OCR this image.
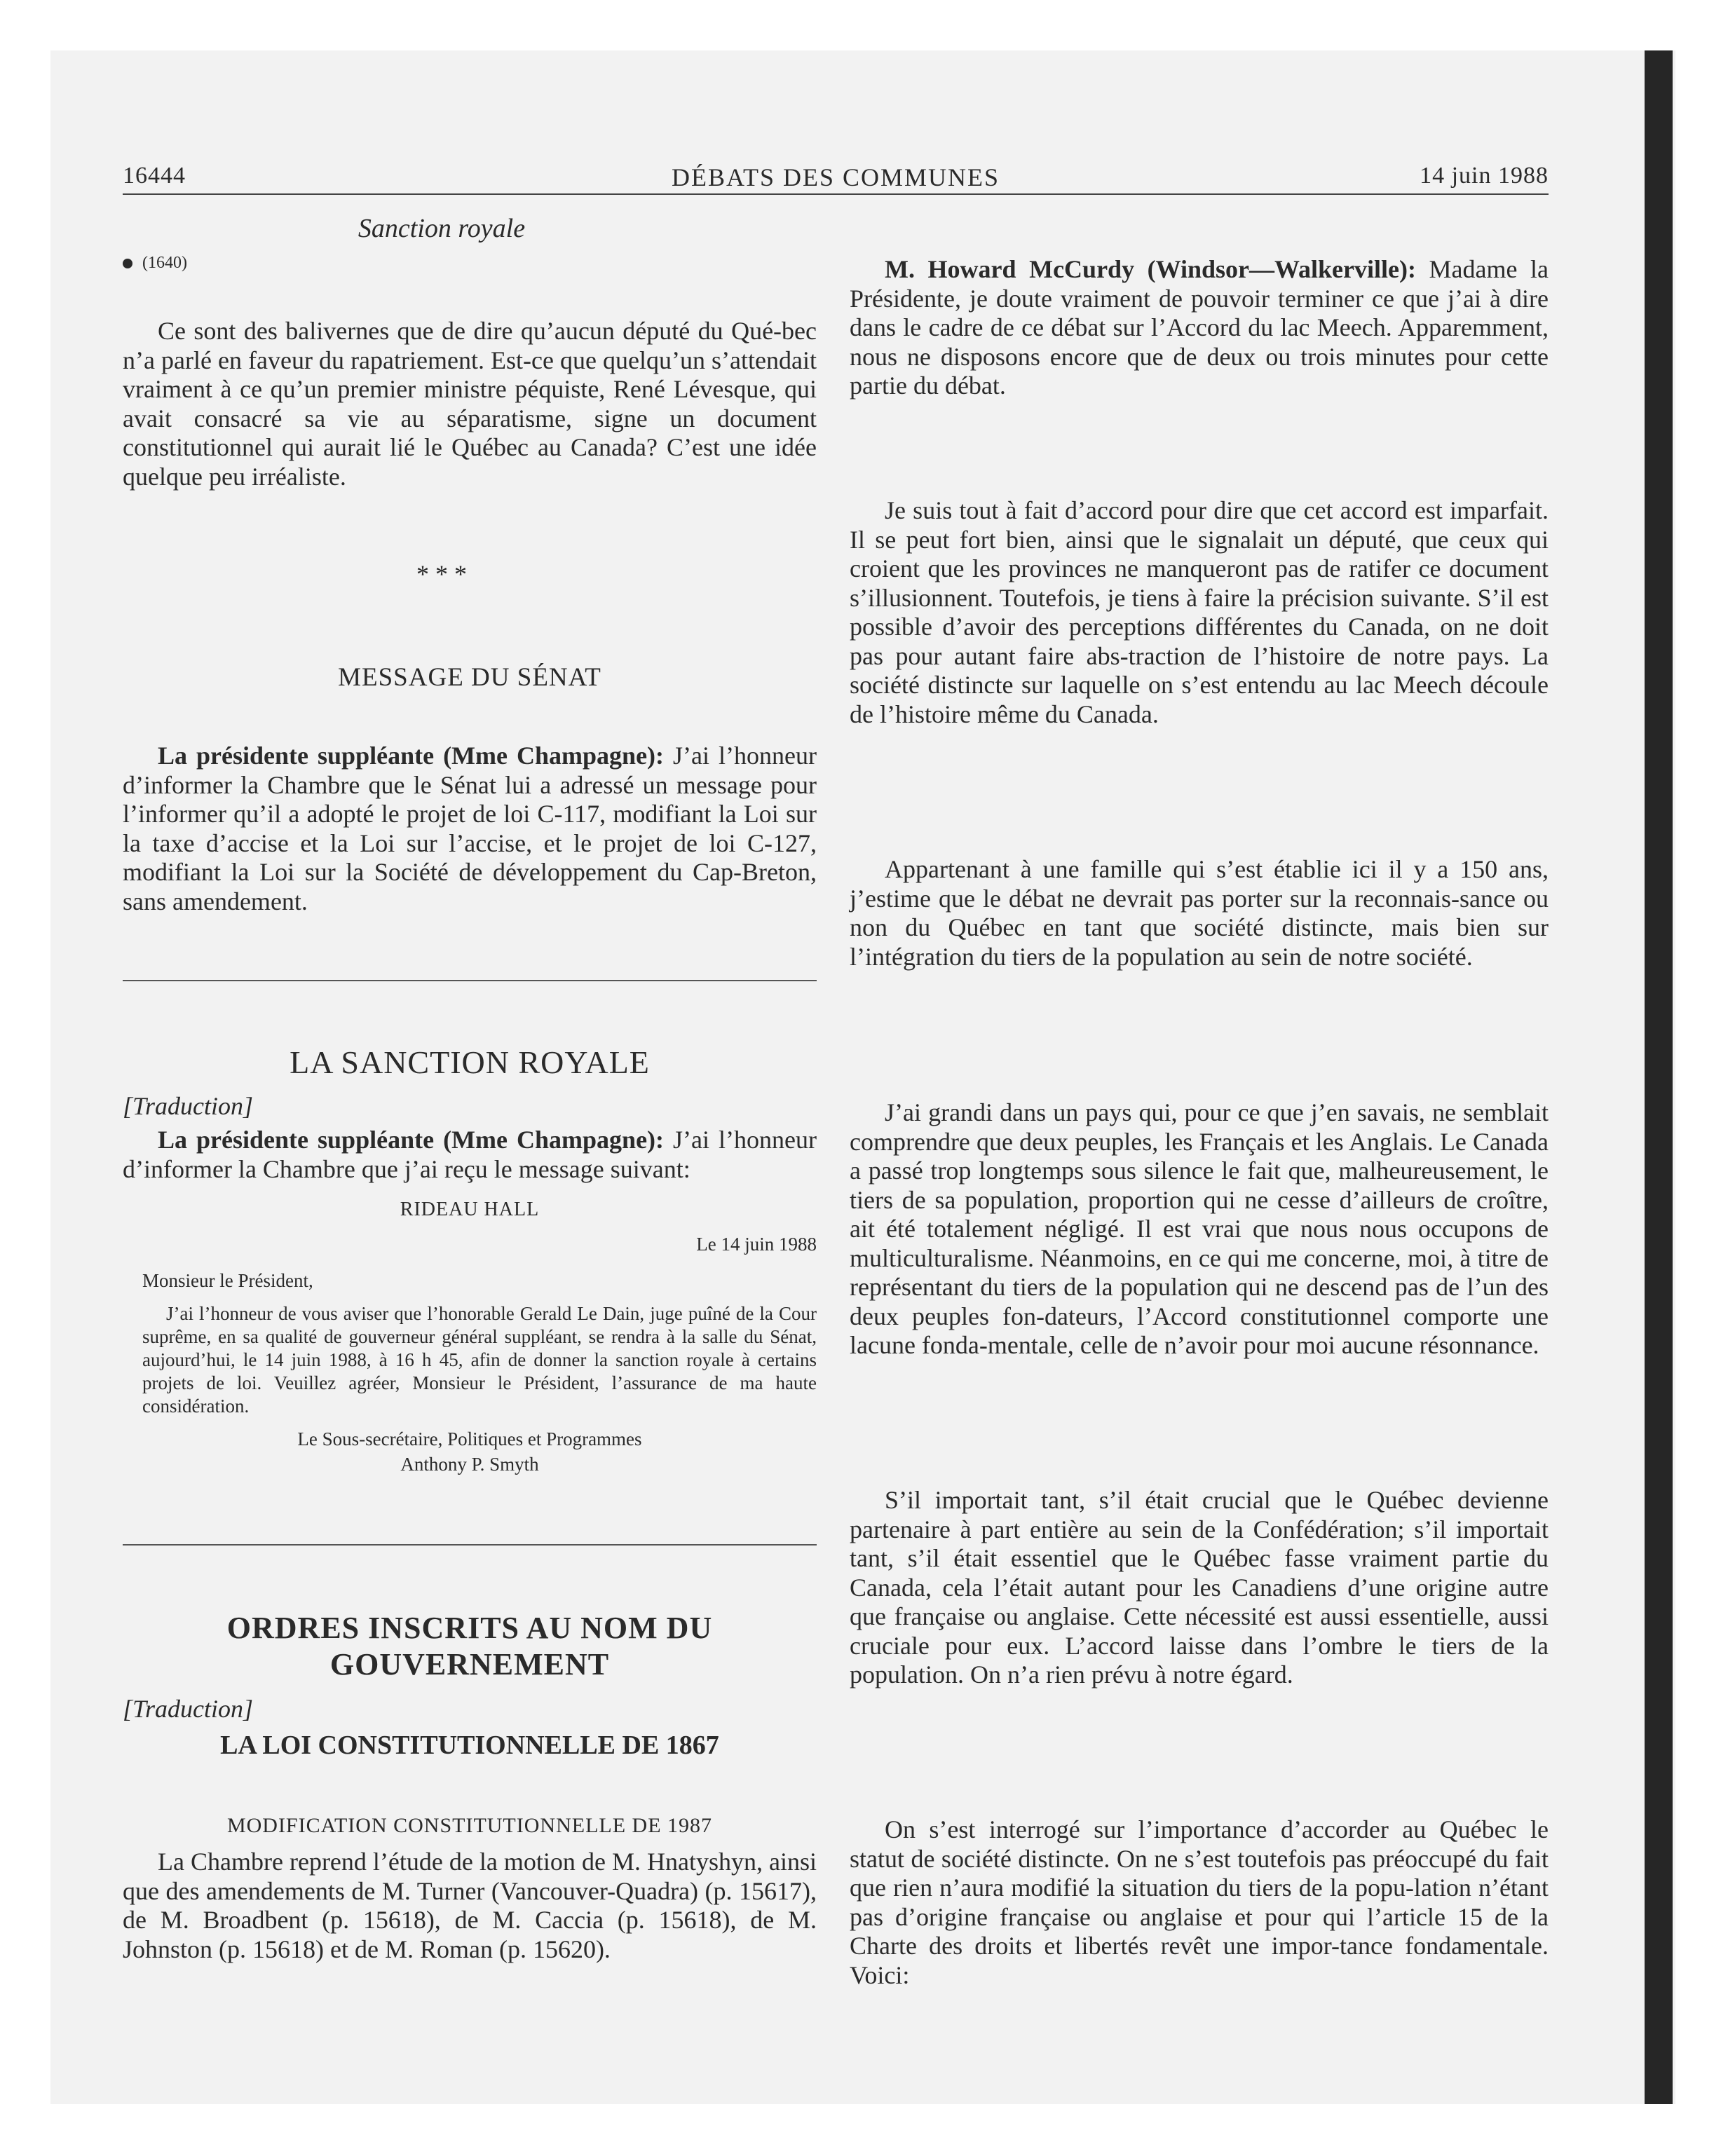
16444	DÉBATS DES COMMUNES	14 juin 1988
Sanction royale
(1640)

Ce sont des balivernes que de dire qu’aucun député du Qué-bec n’a parlé en faveur du rapatriement. Est-ce que quelqu’un s’attendait vraiment à ce qu’un premier ministre péquiste, René Lévesque, qui avait consacré sa vie au séparatisme, signe un document constitutionnel qui aurait lié le Québec au Canada? C’est une idée quelque peu irréaliste.

* * *
MESSAGE DU SÉNAT

La présidente suppléante (Mme Champagne): J’ai l’honneur d’informer la Chambre que le Sénat lui a adressé un message pour l’informer qu’il a adopté le projet de loi C-117, modifiant la Loi sur la taxe d’accise et la Loi sur l’accise, et le projet de loi C-127, modifiant la Loi sur la Société de développement du Cap-Breton, sans amendement.

LA SANCTION ROYALE
[Traduction]

La présidente suppléante (Mme Champagne): J’ai l’honneur d’informer la Chambre que j’ai reçu le message suivant:

RIDEAU HALL
Le 14 juin 1988
Monsieur le Président,

J’ai l’honneur de vous aviser que l’honorable Gerald Le Dain, juge puîné de la Cour suprême, en sa qualité de gouverneur général suppléant, se rendra à la salle du Sénat, aujourd’hui, le 14 juin 1988, à 16 h 45, afin de donner la sanction royale à certains projets de loi. Veuillez agréer, Monsieur le Président, l’assurance de ma haute considération.

Le Sous-secrétaire, Politiques et Programmes
Anthony P. Smyth
ORDRES INSCRITS AU NOM DU GOUVERNEMENT
[Traduction]
LA LOI CONSTITUTIONNELLE DE 1867
MODIFICATION CONSTITUTIONNELLE DE 1987

La Chambre reprend l’étude de la motion de M. Hnatyshyn, ainsi que des amendements de M. Turner (Vancouver-Quadra) (p. 15617), de M. Broadbent (p. 15618), de M. Caccia (p. 15618), de M. Johnston (p. 15618) et de M. Roman (p. 15620).

M. Howard McCurdy (Windsor—Walkerville): Madame la Présidente, je doute vraiment de pouvoir terminer ce que j’ai à dire dans le cadre de ce débat sur l’Accord du lac Meech. Apparemment, nous ne disposons encore que de deux ou trois minutes pour cette partie du débat.

Je suis tout à fait d’accord pour dire que cet accord est imparfait. Il se peut fort bien, ainsi que le signalait un député, que ceux qui croient que les provinces ne manqueront pas de ratifer ce document s’illusionnent. Toutefois, je tiens à faire la précision suivante. S’il est possible d’avoir des perceptions différentes du Canada, on ne doit pas pour autant faire abs-traction de l’histoire de notre pays. La société distincte sur laquelle on s’est entendu au lac Meech découle de l’histoire même du Canada.

Appartenant à une famille qui s’est établie ici il y a 150 ans, j’estime que le débat ne devrait pas porter sur la reconnais-sance ou non du Québec en tant que société distincte, mais bien sur l’intégration du tiers de la population au sein de notre société.

J’ai grandi dans un pays qui, pour ce que j’en savais, ne semblait comprendre que deux peuples, les Français et les Anglais. Le Canada a passé trop longtemps sous silence le fait que, malheureusement, le tiers de sa population, proportion qui ne cesse d’ailleurs de croître, ait été totalement négligé. Il est vrai que nous nous occupons de multiculturalisme. Néanmoins, en ce qui me concerne, moi, à titre de représentant du tiers de la population qui ne descend pas de l’un des deux peuples fon-dateurs, l’Accord constitutionnel comporte une lacune fonda-mentale, celle de n’avoir pour moi aucune résonnance.

S’il importait tant, s’il était crucial que le Québec devienne partenaire à part entière au sein de la Confédération; s’il importait tant, s’il était essentiel que le Québec fasse vraiment partie du Canada, cela l’était autant pour les Canadiens d’une origine autre que française ou anglaise. Cette nécessité est aussi essentielle, aussi cruciale pour eux. L’accord laisse dans l’ombre le tiers de la population. On n’a rien prévu à notre égard.

On s’est interrogé sur l’importance d’accorder au Québec le statut de société distincte. On ne s’est toutefois pas préoccupé du fait que rien n’aura modifié la situation du tiers de la popu-lation n’étant pas d’origine française ou anglaise et pour qui l’article 15 de la Charte des droits et libertés revêt une impor-tance fondamentale. Voici:
